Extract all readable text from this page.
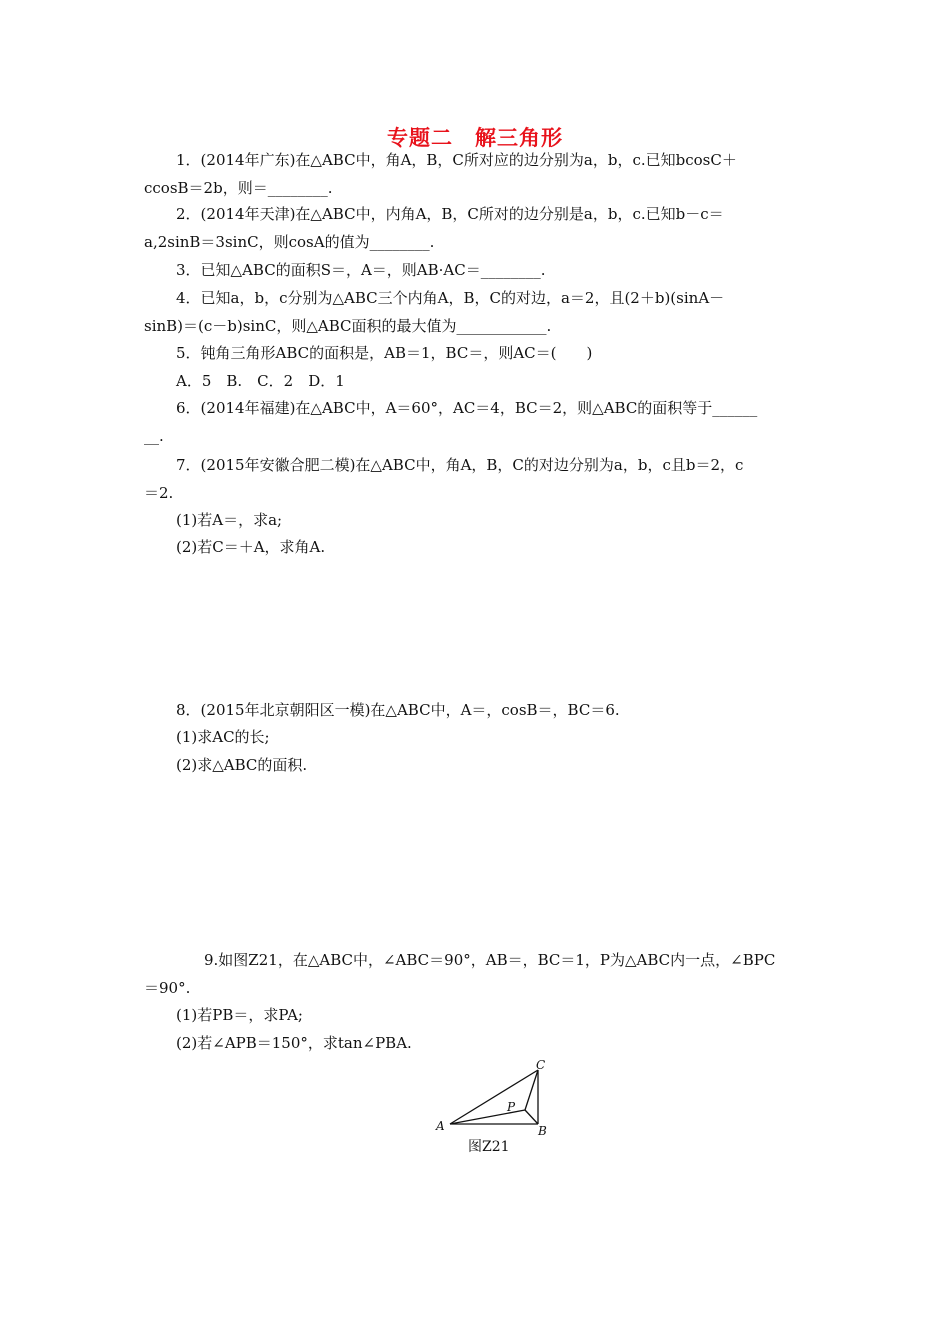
专题二　解三角形
1．(2014年广东)在△ABC中，角A，B，C所对应的边分别为a，b，c.已知bcosC＋
ccosB＝2b，则＝________.
2．(2014年天津)在△ABC中，内角A，B，C所对的边分别是a，b，c.已知b－c＝
a,2sinB＝3sinC，则cosA的值为________.
3．已知△ABC的面积S＝，A＝，则AB·AC＝________.
4．已知a，b，c分别为△ABC三个内角A，B，C的对边，a＝2，且(2＋b)(sinA－
sinB)＝(c－b)sinC，则△ABC面积的最大值为____________.
5．钝角三角形ABC的面积是，AB＝1，BC＝，则AC＝(　　)
A．5　B.　C．2　D．1
6．(2014年福建)在△ABC中，A＝60°，AC＝4，BC＝2，则△ABC的面积等于______
__.
7．(2015年安徽合肥二模)在△ABC中，角A，B，C的对边分别为a，b，c且b＝2，c
＝2.
(1)若A＝，求a;
(2)若C＝＋A，求角A.
8．(2015年北京朝阳区一模)在△ABC中，A＝，cosB＝，BC＝6.
(1)求AC的长;
(2)求△ABC的面积.
9.如图Z21，在△ABC中，∠ABC＝90°，AB＝，BC＝1，P为△ABC内一点，∠BPC
＝90°.
(1)若PB＝，求PA;
(2)若∠APB＝150°，求tan∠PBA.
A	B
C
P
图Z21
